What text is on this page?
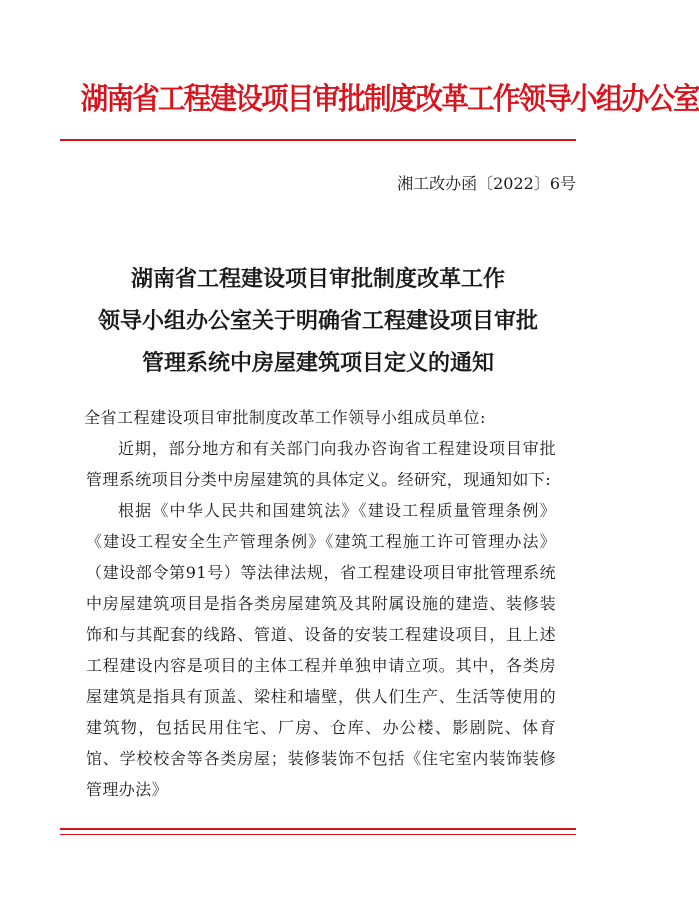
湖南省工程建设项目审批制度改革工作领导小组办公室
湘工改办函〔2022〕6号
湖南省工程建设项目审批制度改革工作
领导小组办公室关于明确省工程建设项目审批
管理系统中房屋建筑项目定义的通知
全省工程建设项目审批制度改革工作领导小组成员单位:

近期，部分地方和有关部门向我办咨询省工程建设项目审批管理系统项目分类中房屋建筑的具体定义。经研究，现通知如下:

根据《中华人民共和国建筑法》《建设工程质量管理条例》《建设工程安全生产管理条例》《建筑工程施工许可管理办法》（建设部令第91号）等法律法规，省工程建设项目审批管理系统中房屋建筑项目是指各类房屋建筑及其附属设施的建造、装修装饰和与其配套的线路、管道、设备的安装工程建设项目，且上述工程建设内容是项目的主体工程并单独申请立项。其中，各类房屋建筑是指具有顶盖、梁柱和墙壁，供人们生产、生活等使用的建筑物，包括民用住宅、厂房、仓库、办公楼、影剧院、体育馆、学校校舍等各类房屋；装修装饰不包括《住宅室内装饰装修管理办法》
